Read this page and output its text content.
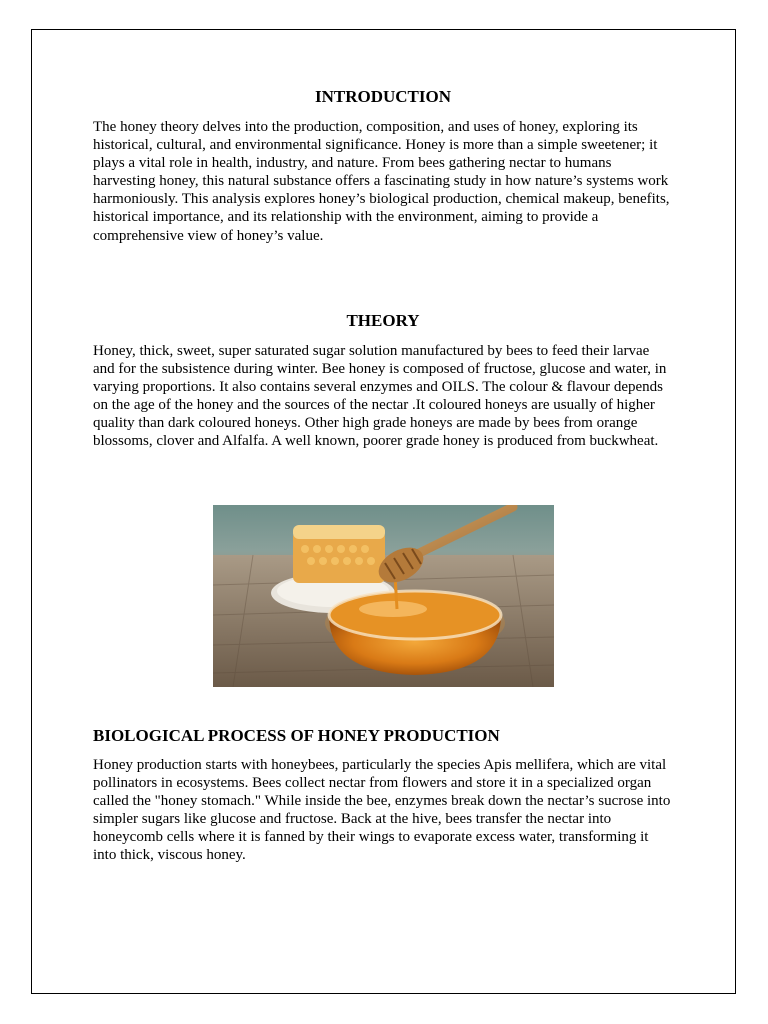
INTRODUCTION

The honey theory delves into the production, composition, and uses of honey, exploring its historical, cultural, and environmental significance. Honey is more than a simple sweetener; it plays a vital role in health, industry, and nature. From bees gathering nectar to humans harvesting honey, this natural substance offers a fascinating study in how nature’s systems work harmoniously. This analysis explores honey’s biological production, chemical makeup, benefits, historical importance, and its relationship with the environment, aiming to provide a comprehensive view of honey’s value.

THEORY

Honey, thick, sweet, super saturated sugar solution manufactured by bees to feed their larvae and for the subsistence during winter. Bee honey is composed of fructose, glucose and water, in varying proportions. It also contains several enzymes and OILS. The colour & flavour depends on the age of the honey and the sources of the nectar .It coloured honeys are usually of higher quality than dark coloured honeys. Other high grade honeys are made by bees from orange blossoms, clover and Alfalfa. A well known, poorer grade honey is produced from buckwheat.

BIOLOGICAL PROCESS OF HONEY PRODUCTION

Honey production starts with honeybees, particularly the species Apis mellifera, which are vital pollinators in ecosystems. Bees collect nectar from flowers and store it in a specialized organ called the "honey stomach." While inside the bee, enzymes break down the nectar’s sucrose into simpler sugars like glucose and fructose. Back at the hive, bees transfer the nectar into honeycomb cells where it is fanned by their wings to evaporate excess water, transforming it into thick, viscous honey.
